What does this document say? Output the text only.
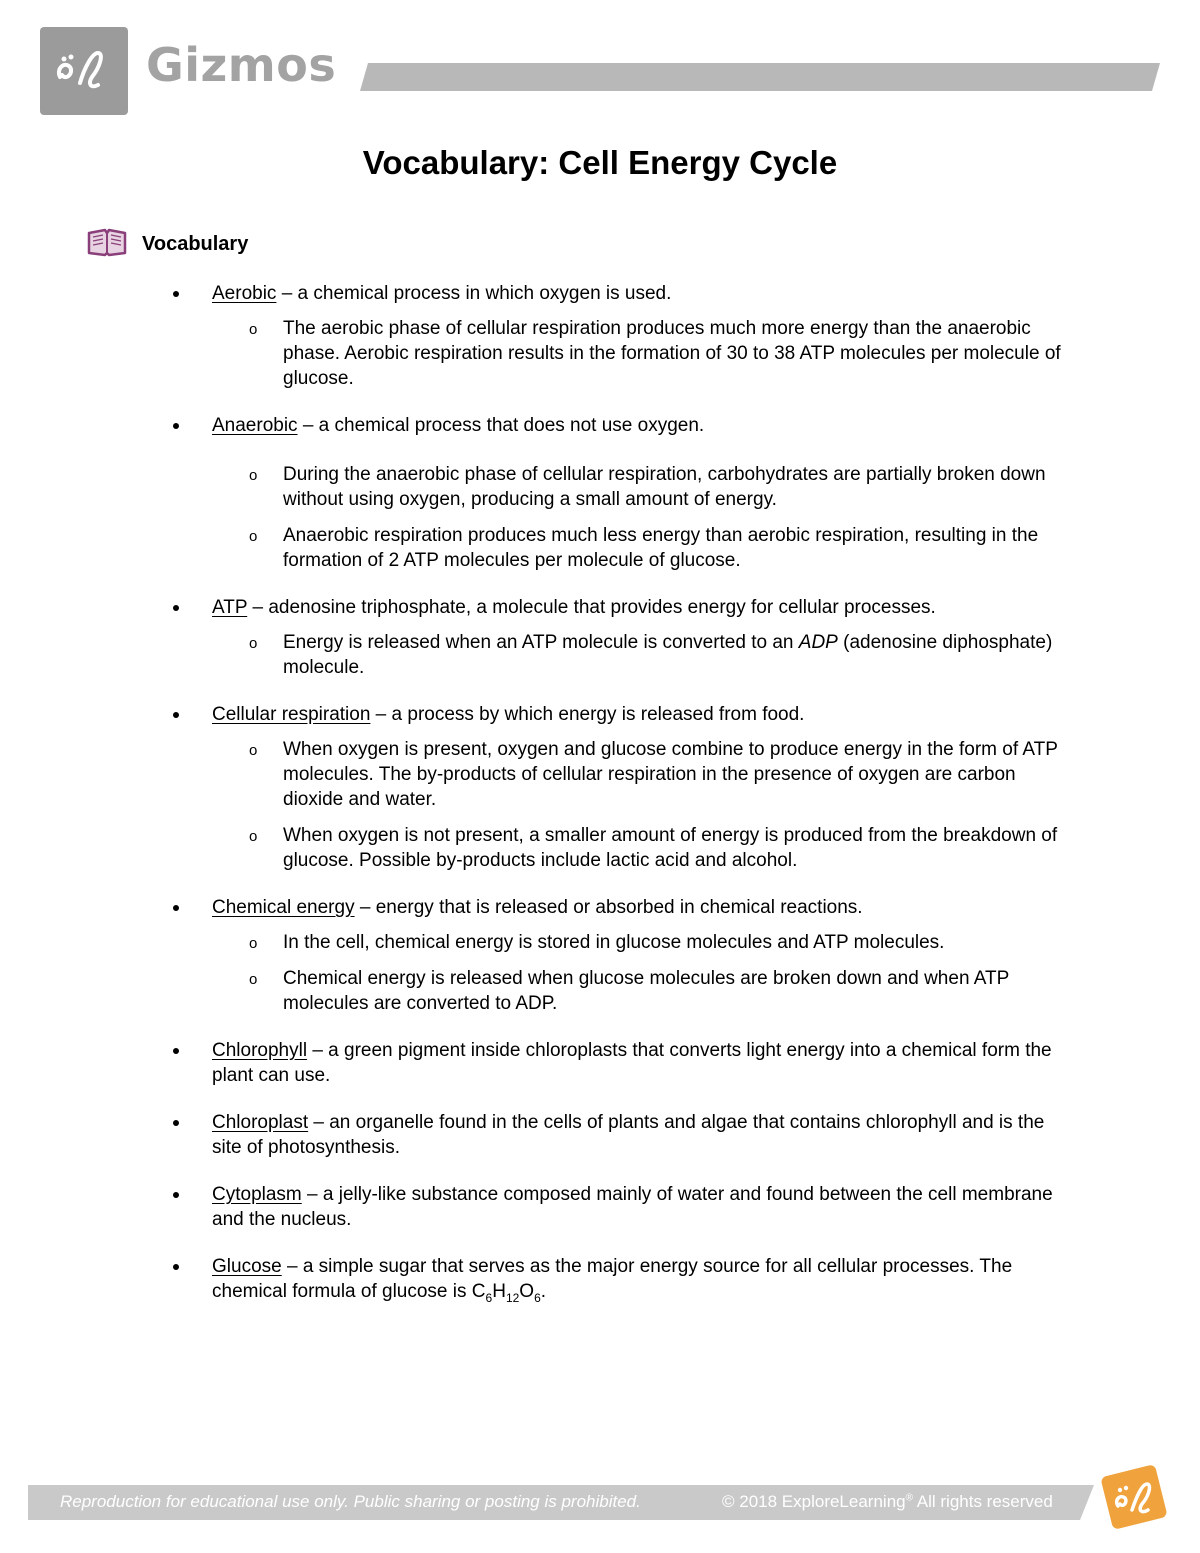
Gizmos
Vocabulary: Cell Energy Cycle
Vocabulary
Aerobic – a chemical process in which oxygen is used.
o The aerobic phase of cellular respiration produces much more energy than the anaerobic phase. Aerobic respiration results in the formation of 30 to 38 ATP molecules per molecule of glucose.
Anaerobic – a chemical process that does not use oxygen.
o During the anaerobic phase of cellular respiration, carbohydrates are partially broken down without using oxygen, producing a small amount of energy.
o Anaerobic respiration produces much less energy than aerobic respiration, resulting in the formation of 2 ATP molecules per molecule of glucose.
ATP – adenosine triphosphate, a molecule that provides energy for cellular processes.
o Energy is released when an ATP molecule is converted to an ADP (adenosine diphosphate) molecule.
Cellular respiration – a process by which energy is released from food.
o When oxygen is present, oxygen and glucose combine to produce energy in the form of ATP molecules. The by-products of cellular respiration in the presence of oxygen are carbon dioxide and water.
o When oxygen is not present, a smaller amount of energy is produced from the breakdown of glucose. Possible by-products include lactic acid and alcohol.
Chemical energy – energy that is released or absorbed in chemical reactions.
o In the cell, chemical energy is stored in glucose molecules and ATP molecules.
o Chemical energy is released when glucose molecules are broken down and when ATP molecules are converted to ADP.
Chlorophyll – a green pigment inside chloroplasts that converts light energy into a chemical form the plant can use.
Chloroplast – an organelle found in the cells of plants and algae that contains chlorophyll and is the site of photosynthesis.
Cytoplasm – a jelly-like substance composed mainly of water and found between the cell membrane and the nucleus.
Glucose – a simple sugar that serves as the major energy source for all cellular processes. The chemical formula of glucose is $C_6H_{12}O_6$.
Reproduction for educational use only. Public sharing or posting is prohibited.	© 2018 ExploreLearning® All rights reserved
